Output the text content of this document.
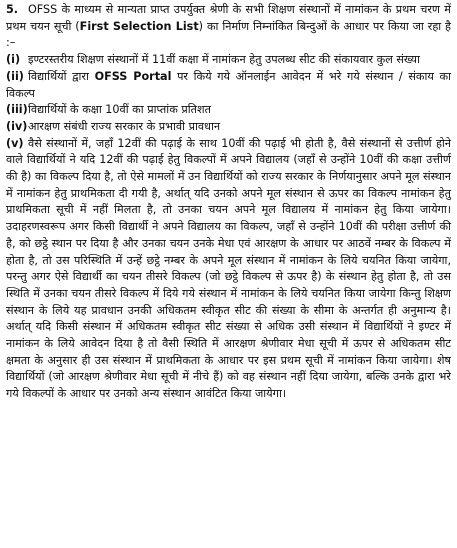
5. OFSS के माध्यम से मान्यता प्राप्त उपर्युक्त श्रेणी के सभी शिक्षण संस्थानों में नामांकन के प्रथम चरण में प्रथम चयन सूची (First Selection List) का निर्माण निम्नांकित बिन्दुओं के आधार पर किया जा रहा है :–

(i) इण्टरस्तरीय शिक्षण संस्थानों में 11वीं कक्षा में नामांकन हेतु उपलब्ध सीट की संकायवार कुल संख्या

(ii) विद्यार्थियों द्वारा OFSS Portal पर किये गये ऑनलाईन आवेदन में भरे गये संस्थान / संकाय का विकल्प

(iii)विद्यार्थियों के कक्षा 10वीं का प्राप्तांक प्रतिशत

(iv)आरक्षण संबंधी राज्य सरकार के प्रभावी प्रावधान

(v) वैसे संस्थानों में, जहाँ 12वीं की पढ़ाई के साथ 10वीं की पढ़ाई भी होती है, वैसे संस्थानों से उत्तीर्ण होने वाले विद्यार्थियों ने यदि 12वीं की पढ़ाई हेतु विकल्पों में अपने विद्यालय (जहाँ से उन्होंने 10वीं की कक्षा उत्तीर्ण की है) का विकल्प दिया है, तो ऐसे मामलों में उन विद्यार्थियों को राज्य सरकार के निर्णयानुसार अपने मूल संस्थान में नामांकन हेतु प्राथमिकता दी गयी है, अर्थात् यदि उनको अपने मूल संस्थान से ऊपर का विकल्प नामांकन हेतु प्राथमिकता सूची में नहीं मिलता है, तो उनका चयन अपने मूल विद्यालय में नामांकन हेतु किया जायेगा। उदाहरणस्वरूप अगर किसी विद्यार्थी ने अपने विद्यालय का विकल्प, जहाँ से उन्होंने 10वीं की परीक्षा उत्तीर्ण की है, को छट्ठे स्थान पर दिया है और उनका चयन उनके मेधा एवं आरक्षण के आधार पर आठवें नम्बर के विकल्प में होता है, तो उस परिस्थिति में उन्हें छट्ठे नम्बर के अपने मूल संस्थान में नामांकन के लिये चयनित किया जायेगा, परन्तु अगर ऐसे विद्यार्थी का चयन तीसरे विकल्प (जो छट्ठे विकल्प से ऊपर है) के संस्थान हेतु होता है, तो उस स्थिति में उनका चयन तीसरे विकल्प में दिये गये संस्थान में नामांकन के लिये चयनित किया जायेगा किन्तु शिक्षण संस्थान के लिये यह प्रावधान उनकी अधिकतम स्वीकृत सीट की संख्या के सीमा के अन्तर्गत ही अनुमान्य है। अर्थात् यदि किसी संस्थान में अधिकतम स्वीकृत सीट संख्या से अधिक उसी संस्थान में विद्यार्थियों ने इण्टर में नामांकन के लिये आवेदन दिया है तो वैसी स्थिति में आरक्षण श्रेणीवार मेधा सूची में ऊपर से अधिकतम सीट क्षमता के अनुसार ही उस संस्थान में प्राथमिकता के आधार पर इस प्रथम सूची में नामांकन किया जायेगा। शेष विद्यार्थियों (जो आरक्षण श्रेणीवार मेधा सूची में नीचे हैं) को वह संस्थान नहीं दिया जायेगा, बल्कि उनके द्वारा भरे गये विकल्पों के आधार पर उनको अन्य संस्थान आवंटित किया जायेगा।
